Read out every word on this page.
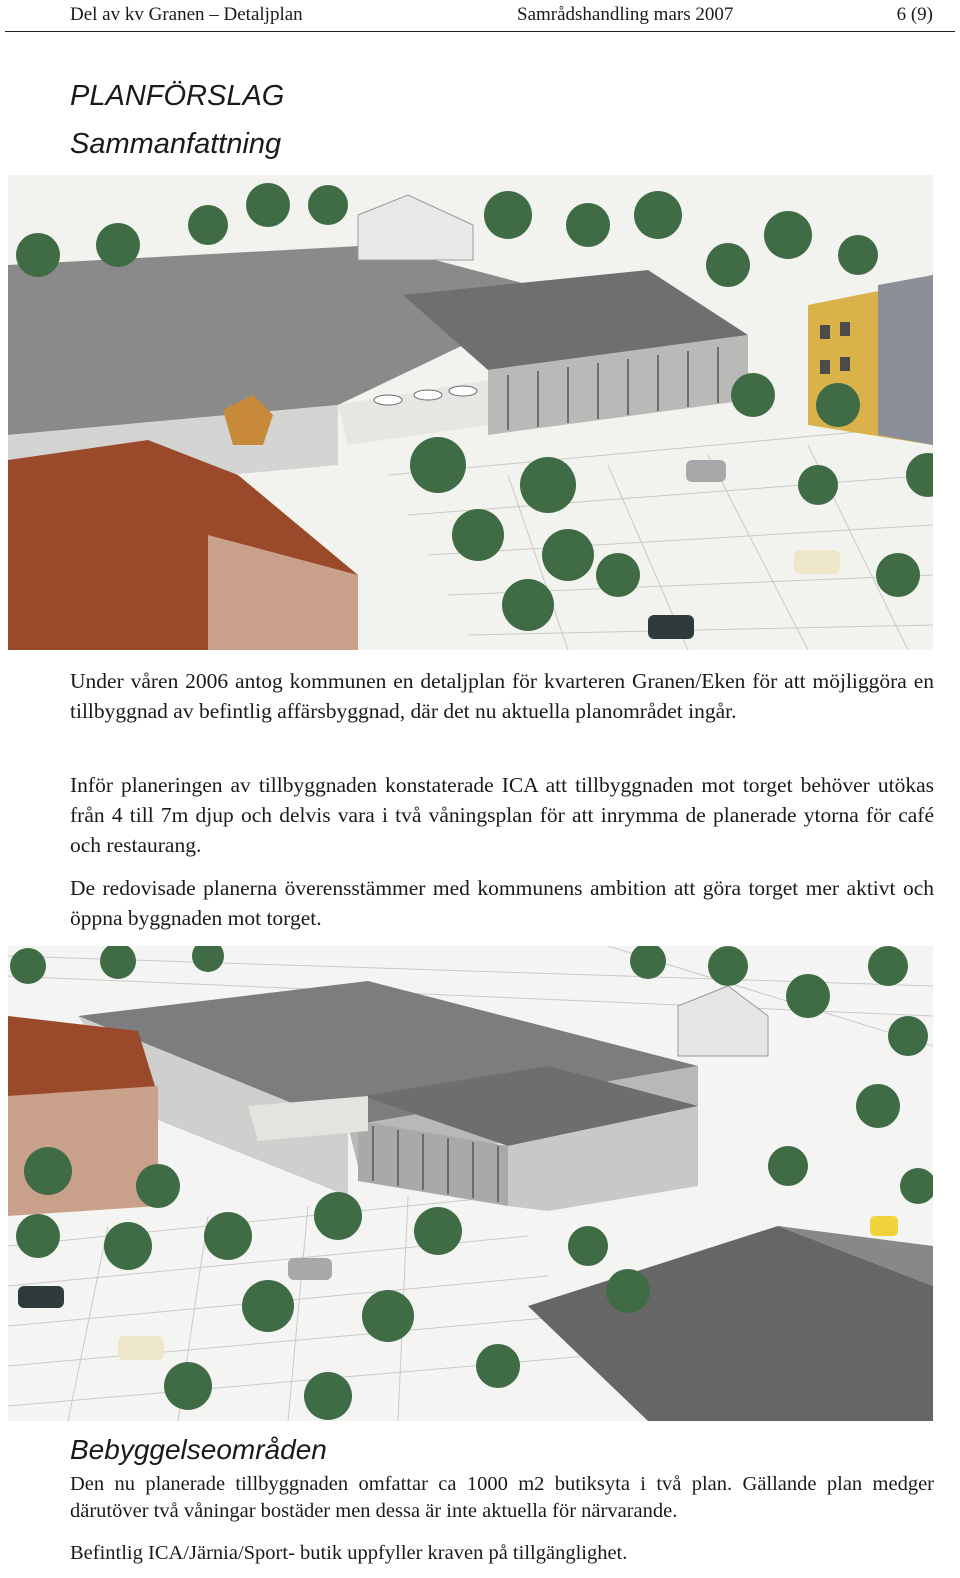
Del av kv Granen – Detaljplan	Samrådshandling mars 2007	6 (9)
PLANFÖRSLAG
Sammanfattning

Under våren 2006 antog kommunen en detaljplan för kvarteren Granen/Eken för att möjliggöra en tillbyggnad av befintlig affärsbyggnad, där det nu aktuella planområdet ingår.

Inför planeringen av tillbyggnaden konstaterade ICA att tillbyggnaden mot torget behöver utökas från 4 till 7m djup och delvis vara i två våningsplan för att inrymma de planerade ytorna för café och restaurang.

De redovisade planerna överensstämmer med kommunens ambition att göra torget mer aktivt och öppna byggnaden mot torget.

Bebyggelseområden

Den nu planerade tillbyggnaden omfattar ca 1000 m2 butiksyta i två plan. Gällande plan medger därutöver två våningar bostäder men dessa är inte aktuella för närvarande.

Befintlig ICA/Järnia/Sport- butik uppfyller kraven på tillgänglighet.
